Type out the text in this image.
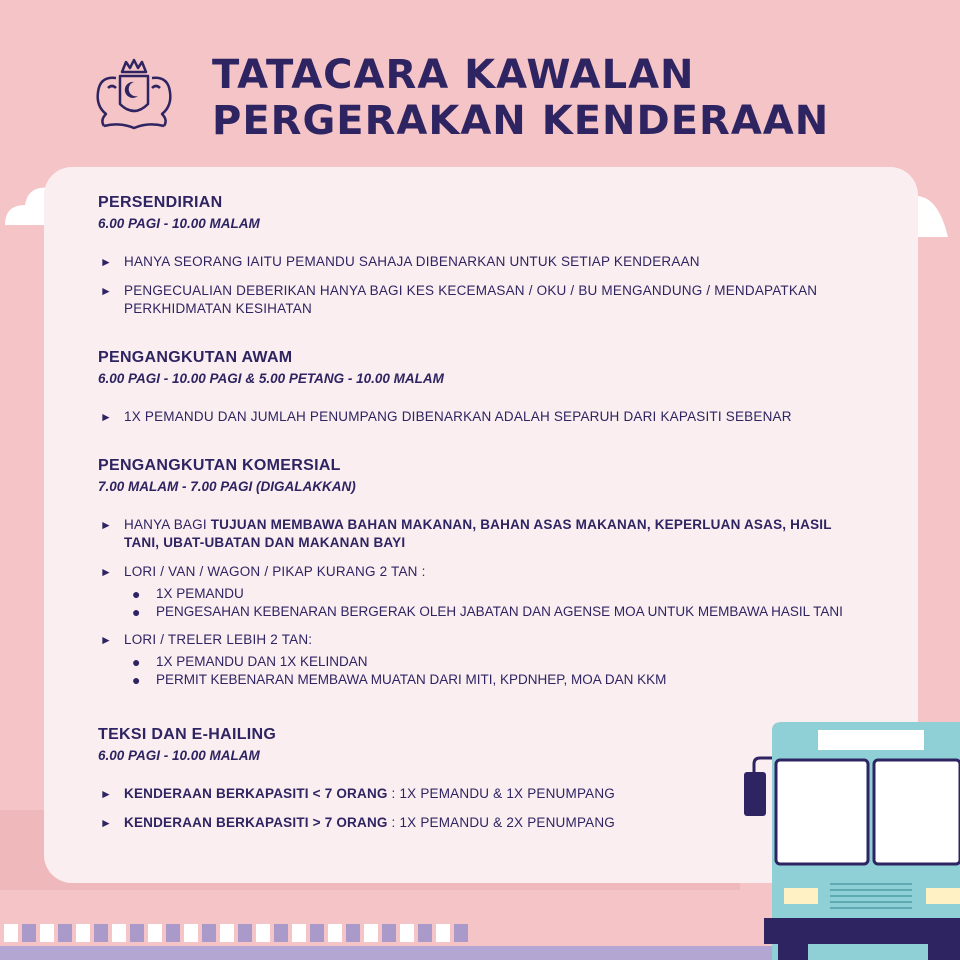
TATACARA KAWALAN
PERGERAKAN KENDERAAN

PERSENDIRIAN

6.00 PAGI - 10.00 MALAM

► HANYA SEORANG IAITU PEMANDU SAHAJA DIBENARKAN UNTUK SETIAP KENDERAAN
► PENGECUALIAN DEBERIKAN HANYA BAGI KES KECEMASAN / OKU / BU MENGANDUNG / MENDAPATKAN PERKHIDMATAN KESIHATAN

PENGANGKUTAN AWAM

6.00 PAGI - 10.00 PAGI & 5.00 PETANG - 10.00 MALAM

► 1X PEMANDU DAN JUMLAH PENUMPANG DIBENARKAN ADALAH SEPARUH DARI KAPASITI SEBENAR

PENGANGKUTAN KOMERSIAL

7.00 MALAM - 7.00 PAGI (DIGALAKKAN)

► HANYA BAGI TUJUAN MEMBAWA BAHAN MAKANAN, BAHAN ASAS MAKANAN, KEPERLUAN ASAS, HASIL TANI, UBAT-UBATAN DAN MAKANAN BAYI
► LORI / VAN / WAGON / PIKAP KURANG 2 TAN :
● 1X PEMANDU
● PENGESAHAN KEBENARAN BERGERAK OLEH JABATAN DAN AGENSE MOA UNTUK MEMBAWA HASIL TANI
► LORI / TRELER LEBIH 2 TAN:
● 1X PEMANDU DAN 1X KELINDAN
● PERMIT KEBENARAN MEMBAWA MUATAN DARI MITI, KPDNHEP, MOA DAN KKM

TEKSI DAN E-HAILING

6.00 PAGI - 10.00 MALAM

► KENDERAAN BERKAPASITI < 7 ORANG : 1X PEMANDU & 1X PENUMPANG
► KENDERAAN BERKAPASITI > 7 ORANG : 1X PEMANDU & 2X PENUMPANG
